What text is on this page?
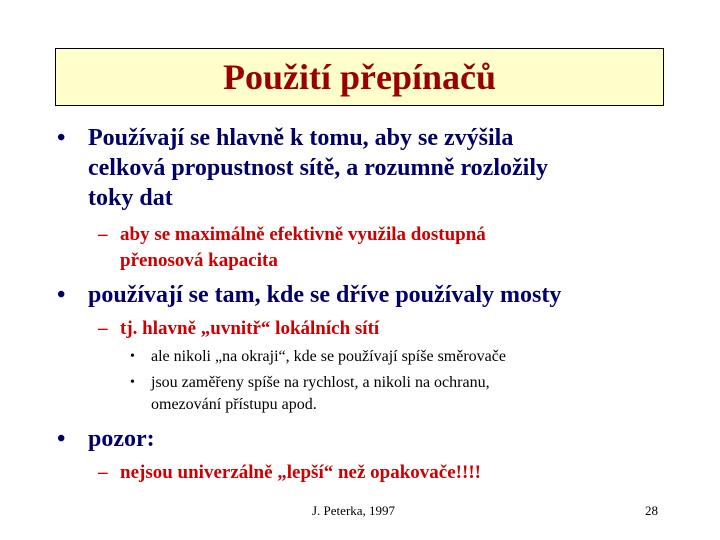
Použití přepínačů
• Používají se hlavně k tomu, aby se zvýšila
celková propustnost sítě, a rozumně rozložily
toky dat
– aby se maximálně efektivně využila dostupná
přenosová kapacita
• používají se tam, kde se dříve používaly mosty
– tj. hlavně „uvnitř“ lokálních sítí
• ale nikoli „na okraji“, kde se používají spíše směrovače
• jsou zaměřeny spíše na rychlost, a nikoli na ochranu,
omezování přístupu apod.
• pozor:
– nejsou univerzálně „lepší“ než opakovače!!!!
J. Peterka, 1997	28
